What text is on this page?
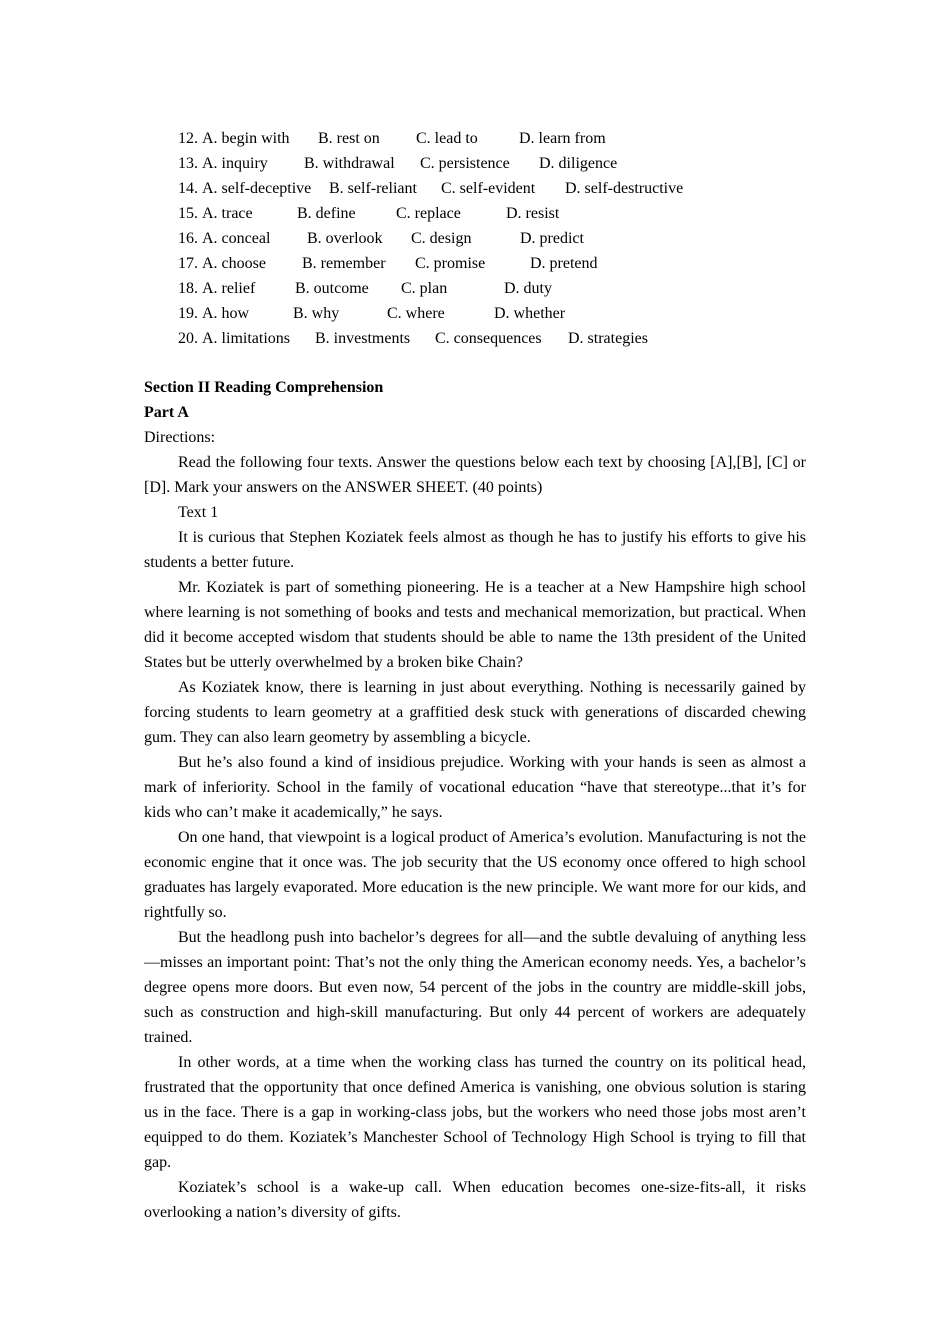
12. A. begin with	B. rest on	C. lead to	D. learn from
13. A. inquiry	B. withdrawal	C. persistence	D. diligence
14. A. self-deceptive	B. self-reliant	C. self-evident	D. self-destructive
15. A. trace	B. define	C. replace	D. resist
16. A. conceal	B. overlook	C. design	D. predict
17. A. choose	B. remember	C. promise	D. pretend
18. A. relief	B. outcome	C. plan	D. duty
19. A. how	B. why	C. where	D. whether
20. A. limitations	B. investments	C. consequences	D. strategies

Section II Reading Comprehension

Part A

Directions:

Read the following four texts. Answer the questions below each text by choosing [A],[B], [C] or [D]. Mark your answers on the ANSWER SHEET. (40 points)

Text 1

It is curious that Stephen Koziatek feels almost as though he has to justify his efforts to give his students a better future.

Mr. Koziatek is part of something pioneering. He is a teacher at a New Hampshire high school where learning is not something of books and tests and mechanical memorization, but practical. When did it become accepted wisdom that students should be able to name the 13th president of the United States but be utterly overwhelmed by a broken bike Chain?

As Koziatek know, there is learning in just about everything. Nothing is necessarily gained by forcing students to learn geometry at a graffitied desk stuck with generations of discarded chewing gum. They can also learn geometry by assembling a bicycle.

But he’s also found a kind of insidious prejudice. Working with your hands is seen as almost a mark of inferiority. School in the family of vocational education “have that stereotype...that it’s for kids who can’t make it academically,” he says.

On one hand, that viewpoint is a logical product of America’s evolution. Manufacturing is not the economic engine that it once was. The job security that the US economy once offered to high school graduates has largely evaporated. More education is the new principle. We want more for our kids, and rightfully so.

But the headlong push into bachelor’s degrees for all—and the subtle devaluing of anything less—misses an important point: That’s not the only thing the American economy needs. Yes, a bachelor’s degree opens more doors. But even now, 54 percent of the jobs in the country are middle-skill jobs, such as construction and high-skill manufacturing. But only 44 percent of workers are adequately trained.

In other words, at a time when the working class has turned the country on its political head, frustrated that the opportunity that once defined America is vanishing, one obvious solution is staring us in the face. There is a gap in working-class jobs, but the workers who need those jobs most aren’t equipped to do them. Koziatek’s Manchester School of Technology High School is trying to fill that gap.

Koziatek’s school is a wake-up call. When education becomes one-size-fits-all, it risks overlooking a nation’s diversity of gifts.
